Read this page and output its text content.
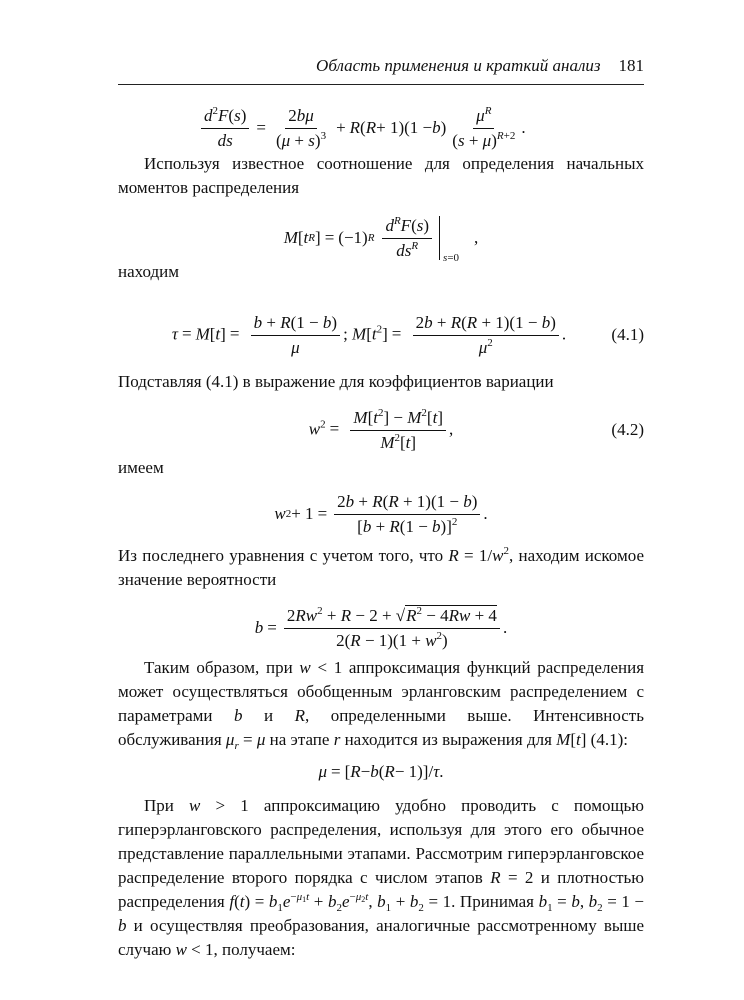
Область применения и краткий анализ 181
$\frac{d^2F(s)}{ds} = \frac{2b\mu}{(\mu + s)^3} + R$ ( R + 1)(1 − b ) $\frac{\mu^R}{(s + \mu)^{R+2}}$ .
Используя известное соотношение для определения начальных моментов распределения
M [ t R ] = (−1) R $\frac{d^RF(s)}{ds^R} s=0$
,
находим
$\tau = M[t] = \frac{b + R(1 - b)}{\mu}$ ; $M[t^2] = \frac{2b + R(R + 1)(1 - b)}{\mu^2}$ .	(4.1)
Подставляя (4.1) в выражение для коэффициентов вариации
$w^2 = \frac{M[t^2] - M^2[t]}{M^2[t]}$ ,	(4.2)
имеем
w $2 + 1 = \frac{2b + R(R + 1)(1 - b)}{[b + R(1 - b)]^2}$ .
Из последнего уравнения с учетом того, что $R = 1/w^2$, находим искомое значение вероятности
$b = \frac{2Rw^2 + R - 2 + √R^2 - 4Rw + 4}{2(R - 1)(1 + w^2)}$ .
Таким образом, при w < 1 аппроксимация функций распределения может осуществляться обобщенным эрланговским распределением с параметрами b и R, определенными выше. Интенсивность обслуживания $\mu_r = \mu$ на этапе r находится из выражения для M[t] (4.1):
μ = [ R − b ( R − 1)]/ τ .
При w > 1 аппроксимацию удобно проводить с помощью гиперэрланговского распределения, используя для этого его обычное представление параллельными этапами. Рассмотрим гиперэрланговское распределение второго порядка с числом этапов R = 2 и плотностью распределения $f(t) = b_1e^{-\mu_1t} + b_2e^{-\mu_2t}$, $b_1 + b_2 = 1$. Принимая $b_1 = b$, $b_2 = 1 - b$ и осуществляя преобразования, аналогичные рассмотренному выше случаю w < 1, получаем:
